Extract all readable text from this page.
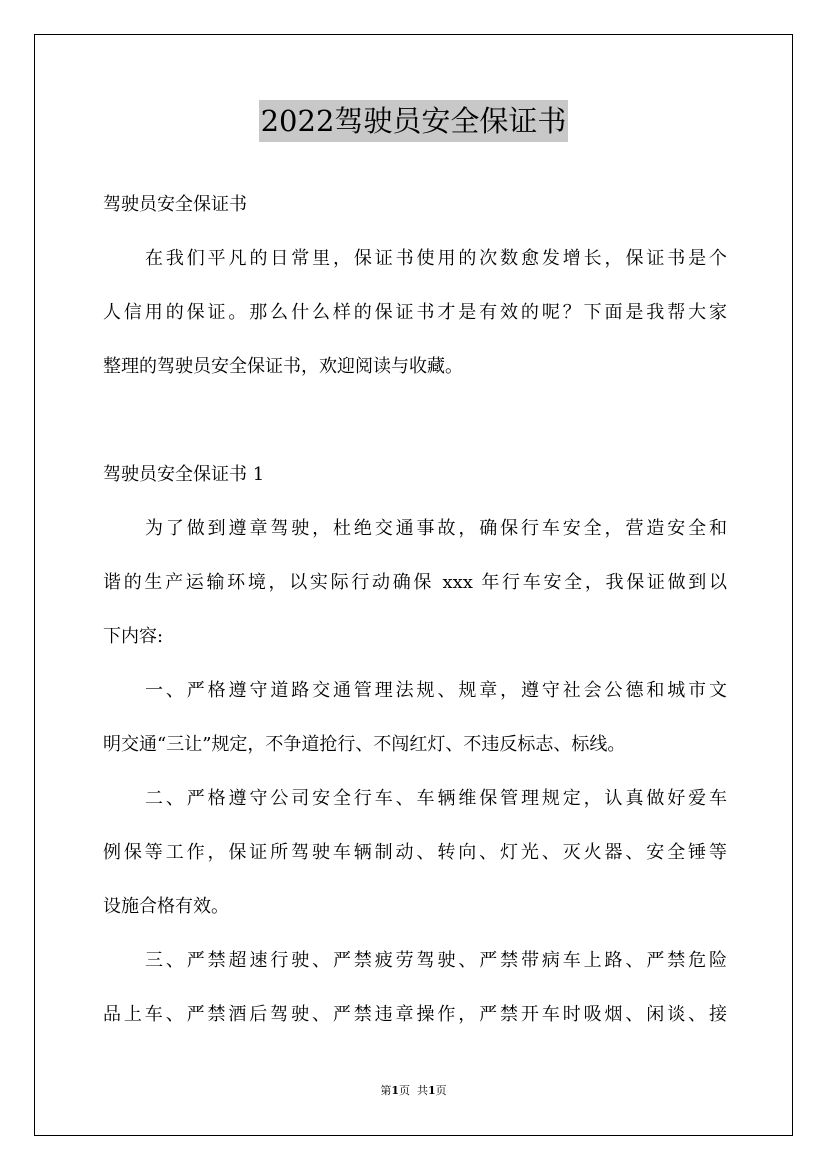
2022驾驶员安全保证书
驾驶员安全保证书
在我们平凡的日常里，保证书使用的次数愈发增长，保证书是个
人信用的保证。那么什么样的保证书才是有效的呢？下面是我帮大家
整理的驾驶员安全保证书，欢迎阅读与收藏。
驾驶员安全保证书 1
为了做到遵章驾驶，杜绝交通事故，确保行车安全，营造安全和
谐的生产运输环境，以实际行动确保 xxx 年行车安全，我保证做到以
下内容:
一、严格遵守道路交通管理法规、规章，遵守社会公德和城市文
明交通“三让”规定，不争道抢行、不闯红灯、不违反标志、标线。
二、严格遵守公司安全行车、车辆维保管理规定，认真做好爱车
例保等工作，保证所驾驶车辆制动、转向、灯光、灭火器、安全锤等
设施合格有效。
三、严禁超速行驶、严禁疲劳驾驶、严禁带病车上路、严禁危险
品上车、严禁酒后驾驶、严禁违章操作，严禁开车时吸烟、闲谈、接
第1页 共1页
